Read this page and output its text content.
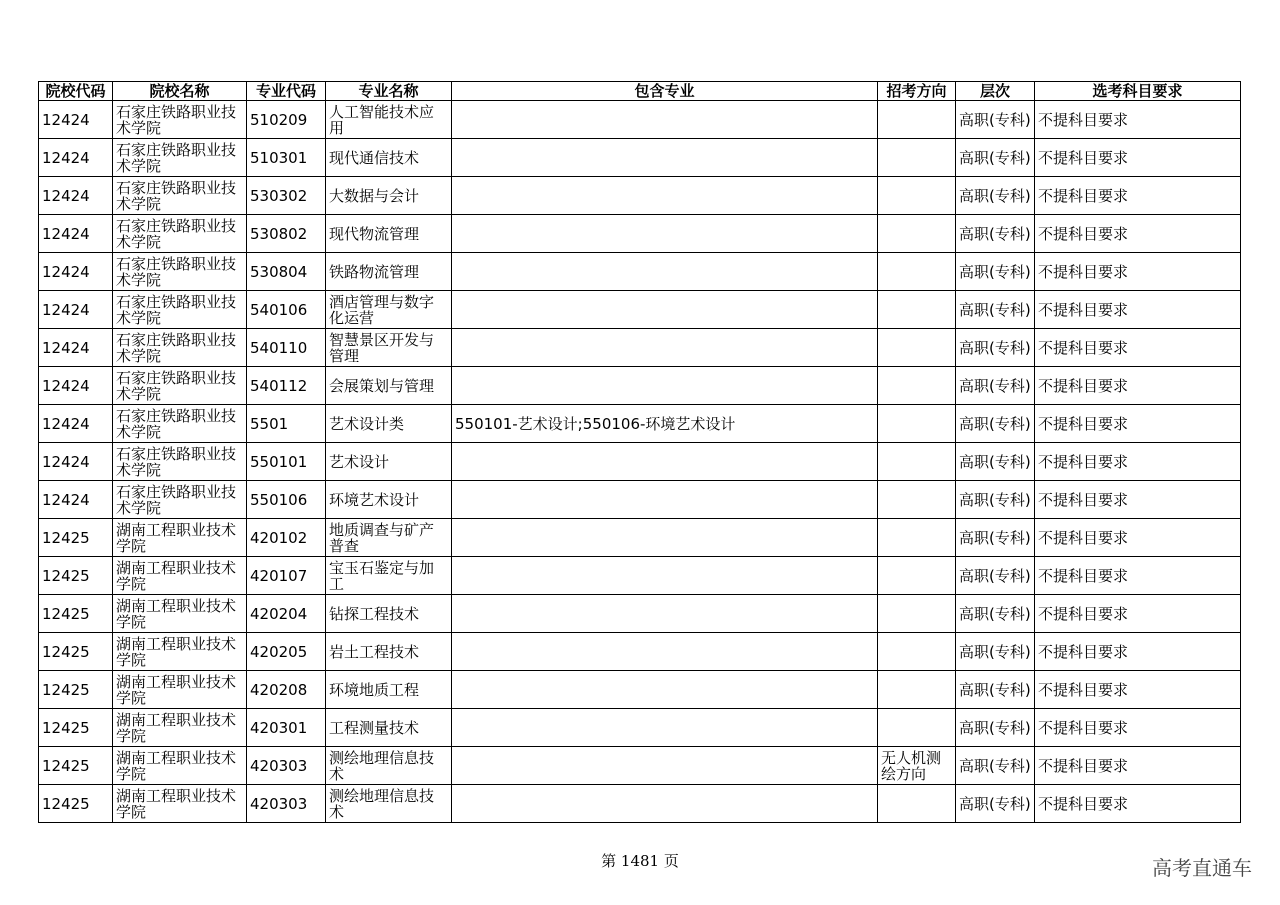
院校代码	院校名称	专业代码	专业名称	包含专业	招考方向	层次	选考科目要求
12424	石家庄铁路职业技术学院	510209	人工智能技术应用			高职(专科)	不提科目要求
12424	石家庄铁路职业技术学院	510301	现代通信技术			高职(专科)	不提科目要求
12424	石家庄铁路职业技术学院	530302	大数据与会计			高职(专科)	不提科目要求
12424	石家庄铁路职业技术学院	530802	现代物流管理			高职(专科)	不提科目要求
12424	石家庄铁路职业技术学院	530804	铁路物流管理			高职(专科)	不提科目要求
12424	石家庄铁路职业技术学院	540106	酒店管理与数字化运营			高职(专科)	不提科目要求
12424	石家庄铁路职业技术学院	540110	智慧景区开发与管理			高职(专科)	不提科目要求
12424	石家庄铁路职业技术学院	540112	会展策划与管理			高职(专科)	不提科目要求
12424	石家庄铁路职业技术学院	5501	艺术设计类	550101-艺术设计;550106-环境艺术设计		高职(专科)	不提科目要求
12424	石家庄铁路职业技术学院	550101	艺术设计			高职(专科)	不提科目要求
12424	石家庄铁路职业技术学院	550106	环境艺术设计			高职(专科)	不提科目要求
12425	湖南工程职业技术学院	420102	地质调查与矿产普查			高职(专科)	不提科目要求
12425	湖南工程职业技术学院	420107	宝玉石鉴定与加工			高职(专科)	不提科目要求
12425	湖南工程职业技术学院	420204	钻探工程技术			高职(专科)	不提科目要求
12425	湖南工程职业技术学院	420205	岩土工程技术			高职(专科)	不提科目要求
12425	湖南工程职业技术学院	420208	环境地质工程			高职(专科)	不提科目要求
12425	湖南工程职业技术学院	420301	工程测量技术			高职(专科)	不提科目要求
12425	湖南工程职业技术学院	420303	测绘地理信息技术		无人机测绘方向	高职(专科)	不提科目要求
12425	湖南工程职业技术学院	420303	测绘地理信息技术			高职(专科)	不提科目要求
第 1481 页	高考直通车
